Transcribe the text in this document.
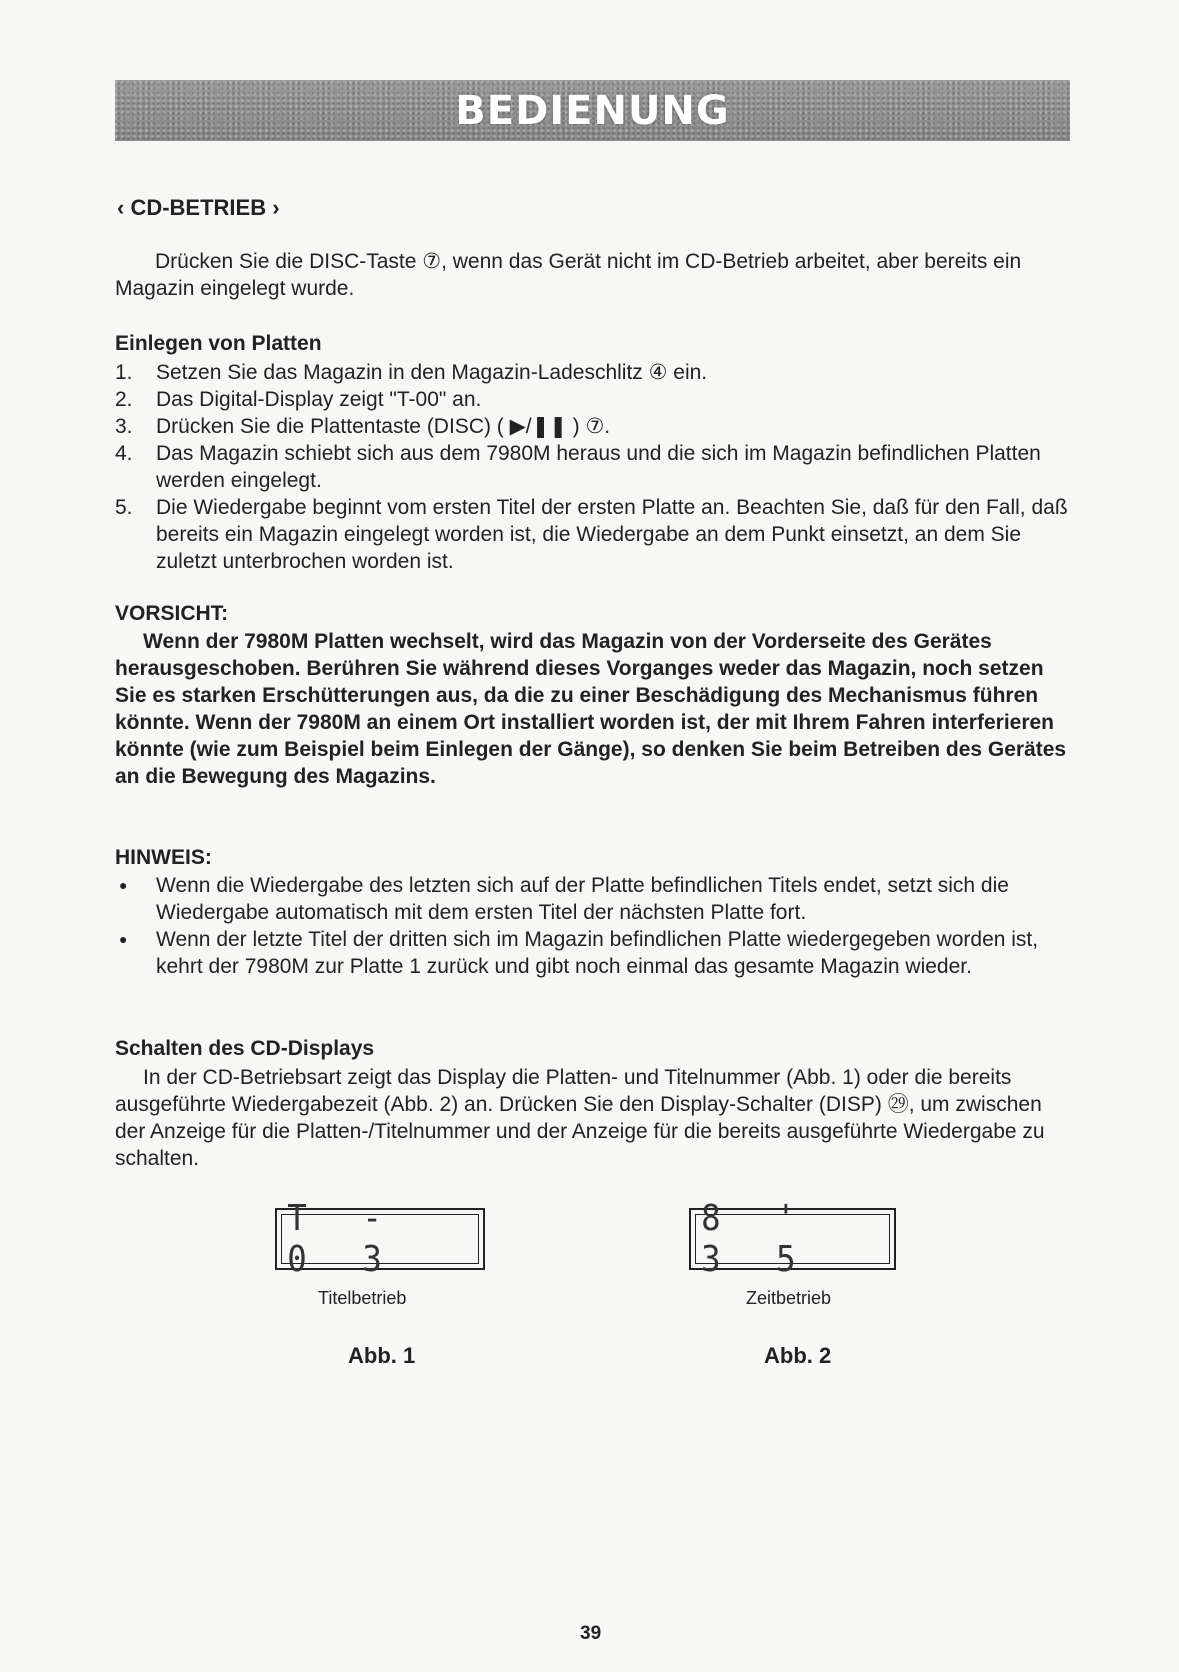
BEDIENUNG
‹ CD-BETRIEB ›
Drücken Sie die DISC-Taste ⑦, wenn das Gerät nicht im CD-Betrieb arbeitet, aber bereits ein Magazin eingelegt wurde.
Einlegen von Platten
1.	Setzen Sie das Magazin in den Magazin-Ladeschlitz ④ ein.
2.	Das Digital-Display zeigt "T-00" an.
3.	Drücken Sie die Plattentaste (DISC) ( ▶/❚❚ ) ⑦.
4.	Das Magazin schiebt sich aus dem 7980M heraus und die sich im Magazin befindlichen Platten werden eingelegt.
5.	Die Wiedergabe beginnt vom ersten Titel der ersten Platte an. Beachten Sie, daß für den Fall, daß bereits ein Magazin eingelegt worden ist, die Wiedergabe an dem Punkt einsetzt, an dem Sie zuletzt unterbrochen worden ist.
VORSICHT:
Wenn der 7980M Platten wechselt, wird das Magazin von der Vorderseite des Gerätes herausgeschoben. Berühren Sie während dieses Vorganges weder das Magazin, noch setzen Sie es starken Erschütterungen aus, da die zu einer Beschädigung des Mechanismus führen könnte. Wenn der 7980M an einem Ort installiert worden ist, der mit Ihrem Fahren interferieren könnte (wie zum Beispiel beim Einlegen der Gänge), so denken Sie beim Betreiben des Gerätes an die Bewegung des Magazins.
HINWEIS:
●	Wenn die Wiedergabe des letzten sich auf der Platte befindlichen Titels endet, setzt sich die Wiedergabe automatisch mit dem ersten Titel der nächsten Platte fort.
●	Wenn der letzte Titel der dritten sich im Magazin befindlichen Platte wiedergegeben worden ist, kehrt der 7980M zur Platte 1 zurück und gibt noch einmal das gesamte Magazin wieder.
Schalten des CD-Displays
In der CD-Betriebsart zeigt das Display die Platten- und Titelnummer (Abb. 1) oder die bereits ausgeführte Wiedergabezeit (Abb. 2) an. Drücken Sie den Display-Schalter (DISP) ㉙, um zwischen der Anzeige für die Platten-/Titelnummer und der Anzeige für die bereits ausgeführte Wiedergabe zu schalten.
T - 0 3
Titelbetrieb
Abb. 1
8 ' 3 5
Zeitbetrieb
Abb. 2
39
